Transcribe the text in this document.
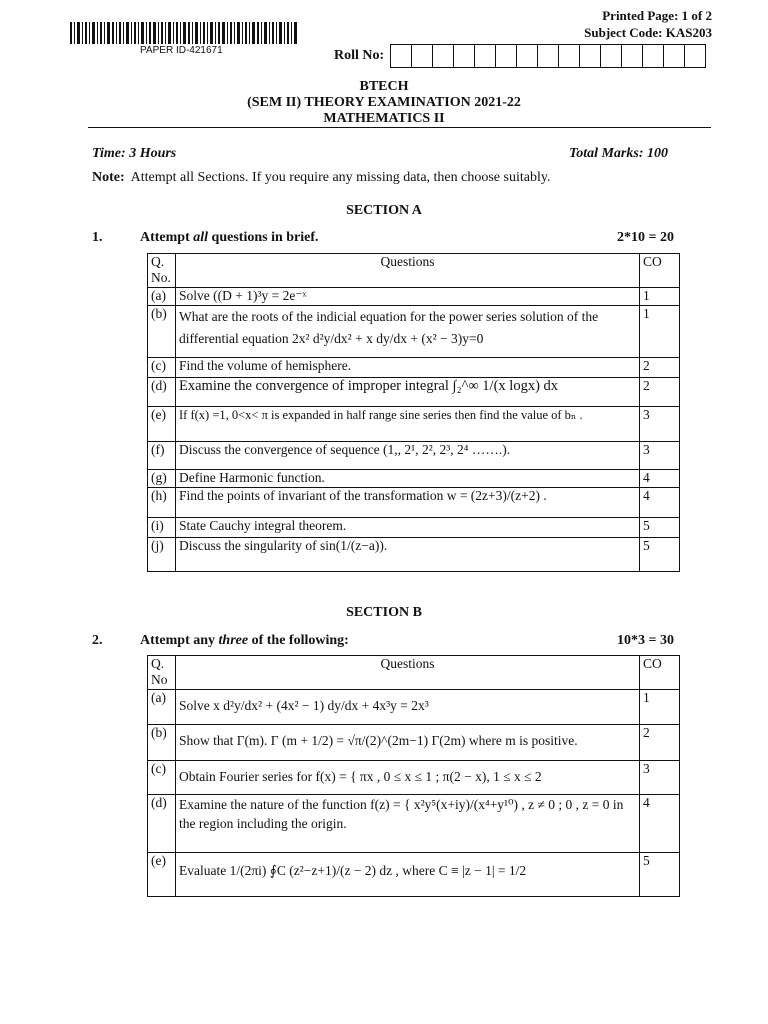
PAPER ID-421671
Printed Page: 1 of 2
Subject Code: KAS203
Roll No:
BTECH
(SEM II) THEORY EXAMINATION 2021-22
MATHEMATICS II
Time: 3 Hours	Total Marks: 100
Note: Attempt all Sections. If you require any missing data, then choose suitably.
SECTION A
1.	Attempt all questions in brief.	2*10 = 20
Q. No.	Questions	CO
(a)	Solve ((D + 1)³y = 2e⁻ˣ	1
(b)	What are the roots of the indicial equation for the power series solution of the differential equation 2x² d²y/dx² + x dy/dx + (x² − 3)y=0	1
(c)	Find the volume of hemisphere.	2
(d)	Examine the convergence of improper integral ∫₂^∞ 1/(x logx) dx	2
(e)	If f(x) =1, 0<x< π is expanded in half range sine series then find the value of bₙ .	3
(f)	Discuss the convergence of sequence (1,, 2¹, 2², 2³, 2⁴ …….).	3
(g)	Define Harmonic function.	4
(h)	Find the points of invariant of the transformation w = (2z+3)/(z+2) .	4
(i)	State Cauchy integral theorem.	5
(j)	Discuss the singularity of sin(1/(z−a)).	5
SECTION B
2.	Attempt any three of the following:	10*3 = 30
Q. No	Questions	CO
(a)	Solve x d²y/dx² + (4x² − 1) dy/dx + 4x³y = 2x³	1
(b)	Show that Γ(m). Γ (m + 1/2) = √π/(2)^(2m−1) Γ(2m) where m is positive.	2
(c)	Obtain Fourier series for f(x) = { πx , 0 ≤ x ≤ 1 ; π(2 − x), 1 ≤ x ≤ 2	3
(d)	Examine the nature of the function f(z) = { x²y⁵(x+iy)/(x⁴+y¹⁰) , z ≠ 0 ; 0 , z = 0 in the region including the origin.	4
(e)	Evaluate 1/(2πi) ∮C (z²−z+1)/(z − 2) dz , where C ≡ |z − 1| = 1/2	5
